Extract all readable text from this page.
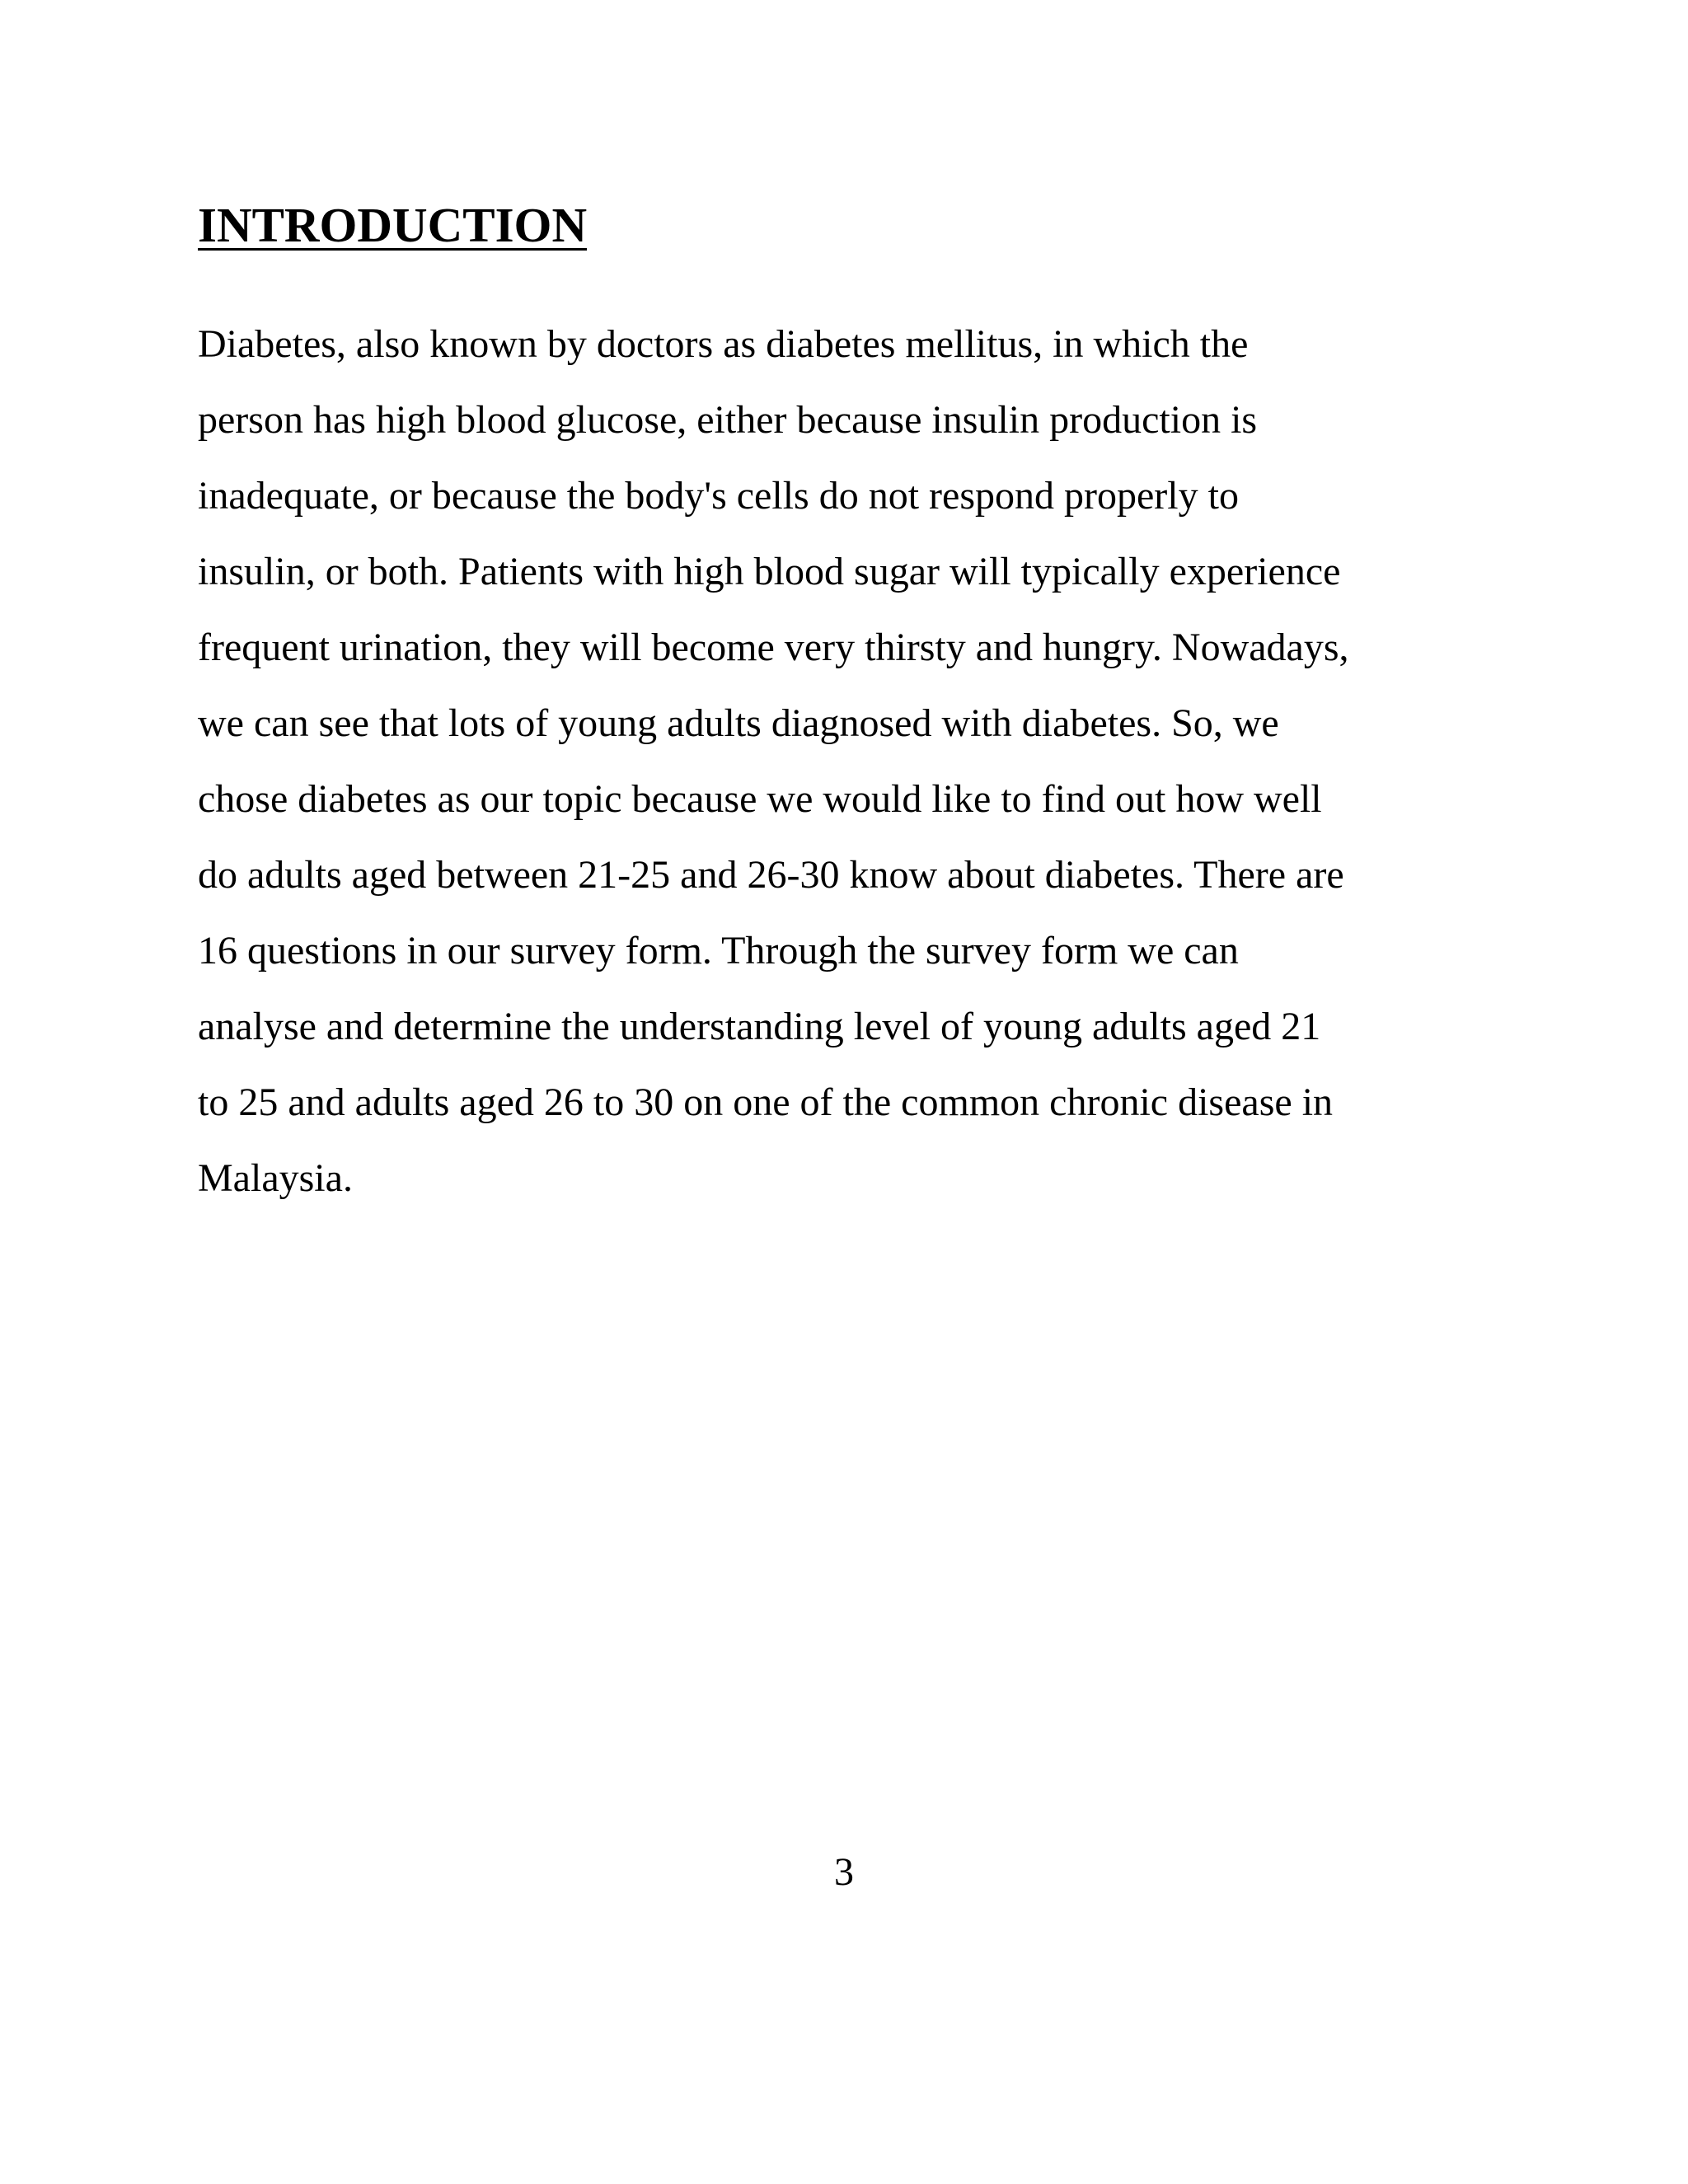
INTRODUCTION
Diabetes, also known by doctors as diabetes mellitus, in which the
person has high blood glucose, either because insulin production is
inadequate, or because the body's cells do not respond properly to
insulin, or both. Patients with high blood sugar will typically experience
frequent urination, they will become very thirsty and hungry. Nowadays,
we can see that lots of young adults diagnosed with diabetes. So, we
chose diabetes as our topic because we would like to find out how well
do adults aged between 21-25 and 26-30 know about diabetes. There are
16 questions in our survey form. Through the survey form we can
analyse and determine the understanding level of young adults aged 21
to 25 and adults aged 26 to 30 on one of the common chronic disease in
Malaysia.
3
